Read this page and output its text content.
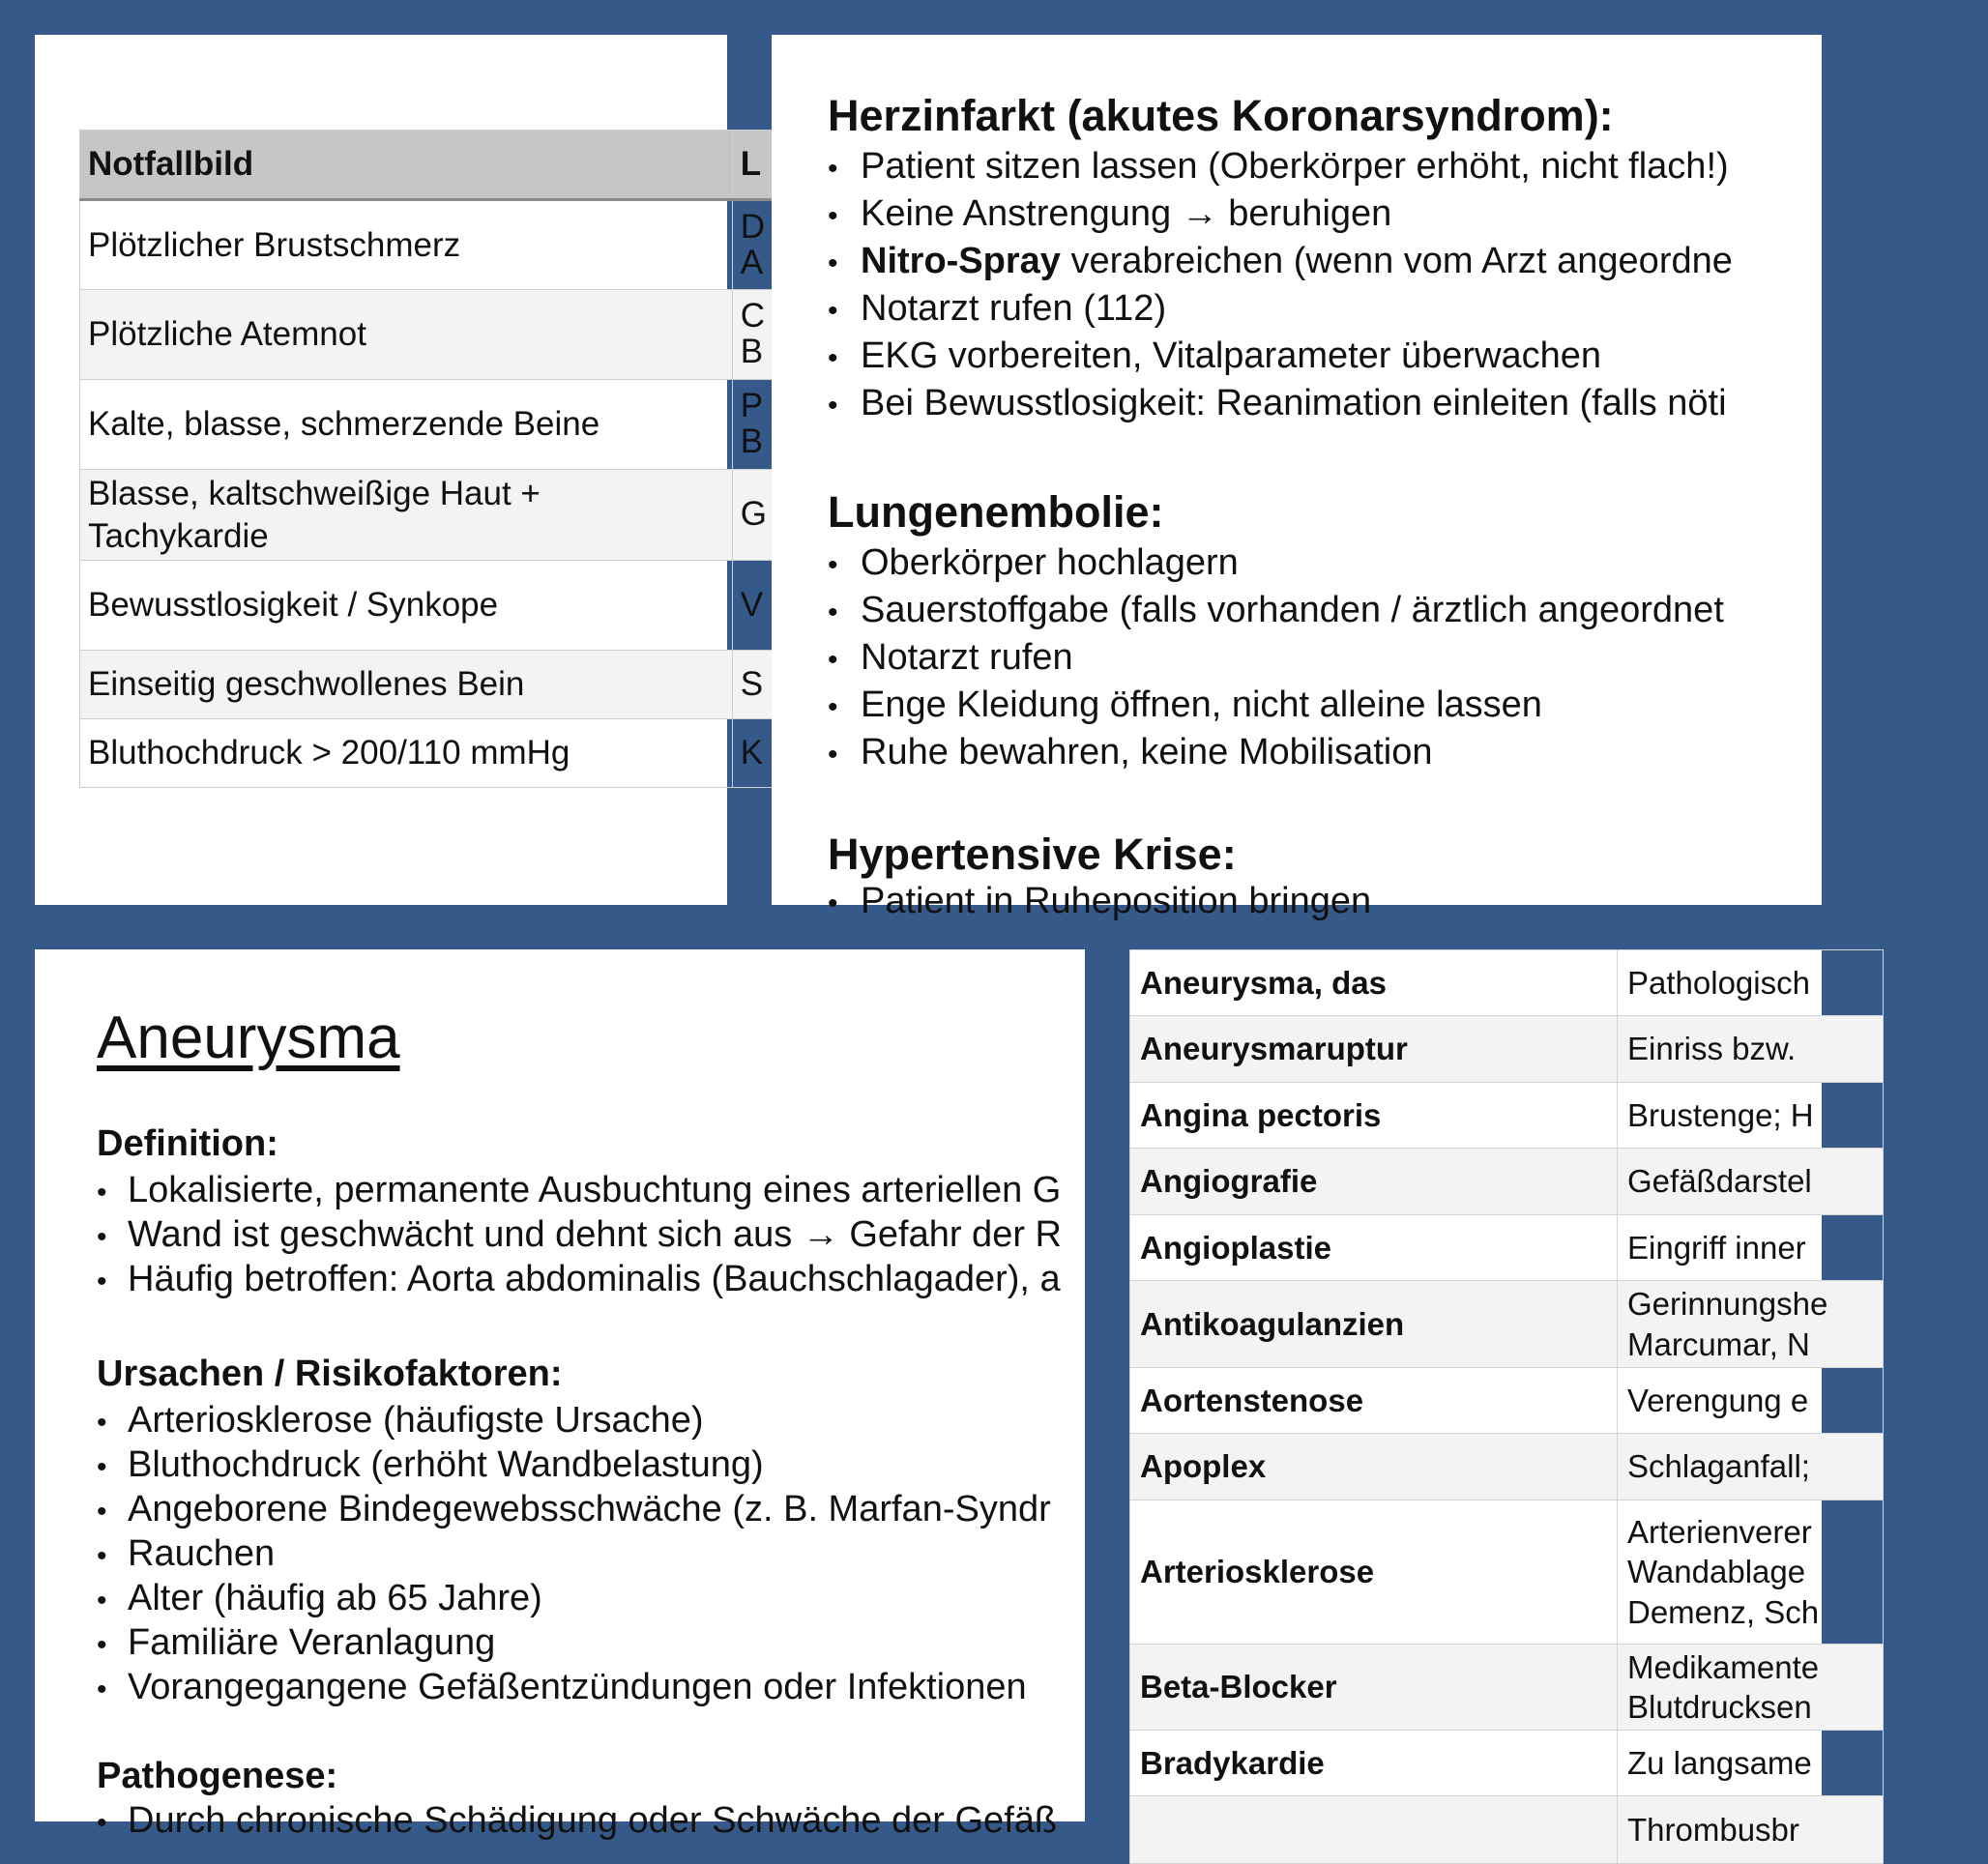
Notfallbild	L
Plötzlicher Brustschmerz	D
A
Plötzliche Atemnot	C
B
Kalte, blasse, schmerzende Beine	P
B
Blasse, kaltschweißige Haut + Tachykardie	G
Bewusstlosigkeit / Synkope	V
Einseitig geschwollenes Bein	S
Bluthochdruck > 200/110 mmHg	K
Herzinfarkt (akutes Koronarsyndrom):
• Patient sitzen lassen (Oberkörper erhöht, nicht flach!)
• Keine Anstrengung → beruhigen
• Nitro-Spray verabreichen (wenn vom Arzt angeordne
• Notarzt rufen (112)
• EKG vorbereiten, Vitalparameter überwachen
• Bei Bewusstlosigkeit: Reanimation einleiten (falls nöti
Lungenembolie:
• Oberkörper hochlagern
• Sauerstoffgabe (falls vorhanden / ärztlich angeordnet
• Notarzt rufen
• Enge Kleidung öffnen, nicht alleine lassen
• Ruhe bewahren, keine Mobilisation
Hypertensive Krise:
• Patient in Ruheposition bringen
Aneurysma
Definition:
• Lokalisierte, permanente Ausbuchtung eines arteriellen G
• Wand ist geschwächt und dehnt sich aus → Gefahr der R
• Häufig betroffen: Aorta abdominalis (Bauchschlagader), a
Ursachen / Risikofaktoren:
• Arteriosklerose (häufigste Ursache)
• Bluthochdruck (erhöht Wandbelastung)
• Angeborene Bindegewebsschwäche (z. B. Marfan-Syndr
• Rauchen
• Alter (häufig ab 65 Jahre)
• Familiäre Veranlagung
• Vorangegangene Gefäßentzündungen oder Infektionen
Pathogenese:
• Durch chronische Schädigung oder Schwäche der Gefäß
Aneurysma, das	Pathologisch
Aneurysmaruptur	Einriss bzw.
Angina pectoris	Brustenge; H
Angiografie	Gefäßdarstel
Angioplastie	Eingriff inner
Antikoagulanzien	Gerinnungshe
Marcumar, N
Aortenstenose	Verengung e
Apoplex	Schlaganfall;
Arteriosklerose	Arterienverer
Wandablage
Demenz, Sch
Beta-Blocker	Medikamente
Blutdrucksen
Bradykardie	Zu langsame
	Thrombusbr
